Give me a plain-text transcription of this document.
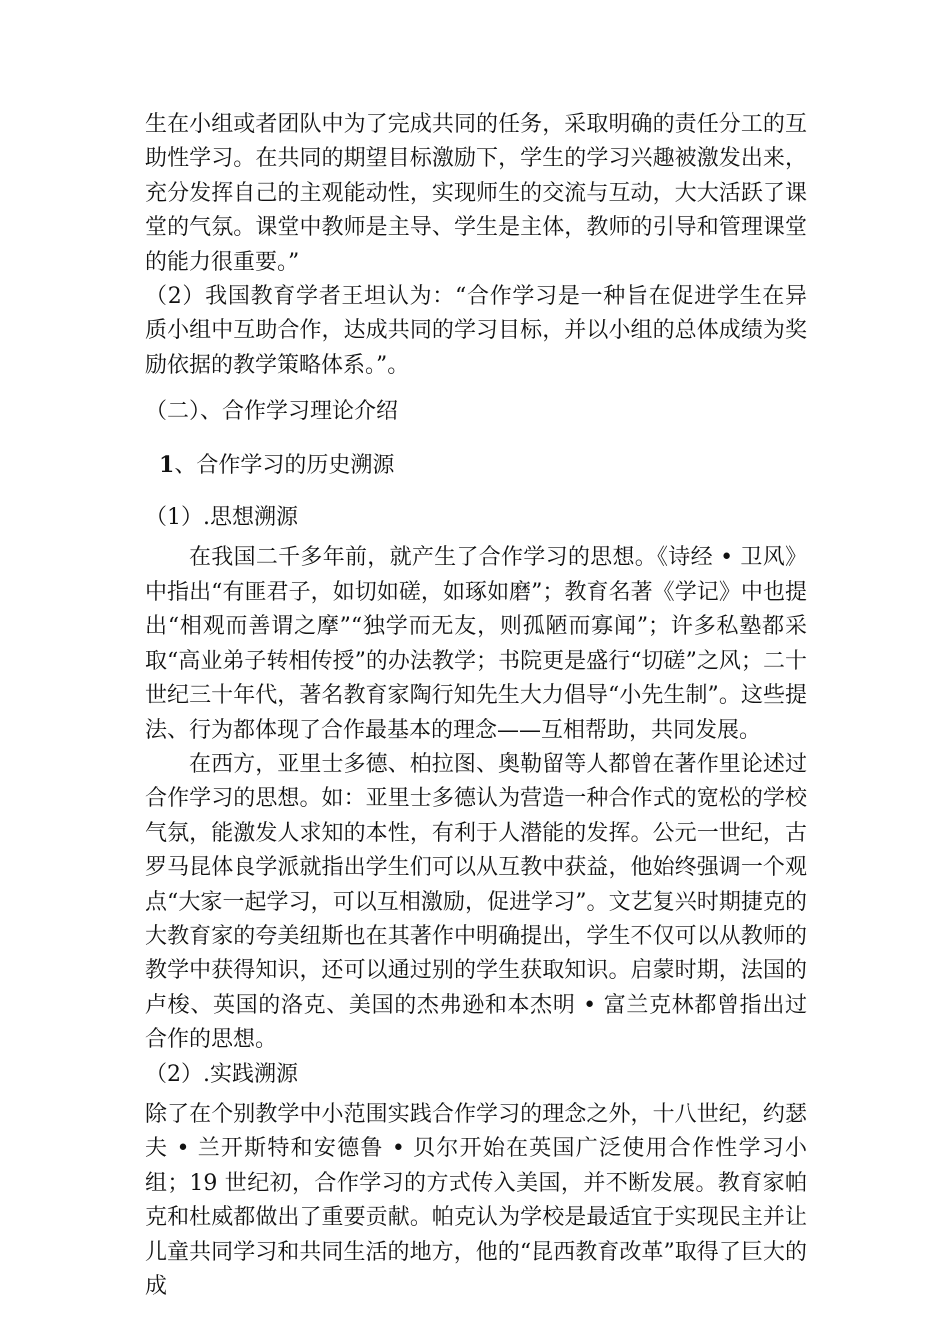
生在小组或者团队中为了完成共同的任务，采取明确的责任分工的互助性学习。在共同的期望目标激励下，学生的学习兴趣被激发出来，充分发挥自己的主观能动性，实现师生的交流与互动，大大活跃了课堂的气氛。课堂中教师是主导、学生是主体，教师的引导和管理课堂的能力很重要。”

（2）我国教育学者王坦认为：“合作学习是一种旨在促进学生在异质小组中互助合作，达成共同的学习目标，并以小组的总体成绩为奖励依据的教学策略体系。”。

（二）、合作学习理论介绍

1、合作学习的历史溯源

（1）.思想溯源

在我国二千多年前，就产生了合作学习的思想。《诗经 • 卫风》中指出“有匪君子，如切如磋，如琢如磨”；教育名著《学记》中也提出“相观而善谓之摩”“独学而无友，则孤陋而寡闻”；许多私塾都采取“高业弟子转相传授”的办法教学；书院更是盛行“切磋”之风；二十世纪三十年代，著名教育家陶行知先生大力倡导“小先生制”。这些提法、行为都体现了合作最基本的理念——互相帮助，共同发展。

在西方，亚里士多德、柏拉图、奥勒留等人都曾在著作里论述过合作学习的思想。如：亚里士多德认为营造一种合作式的宽松的学校气氛，能激发人求知的本性，有利于人潜能的发挥。公元一世纪，古罗马昆体良学派就指出学生们可以从互教中获益，他始终强调一个观点“大家一起学习，可以互相激励，促进学习”。文艺复兴时期捷克的大教育家的夸美纽斯也在其著作中明确提出，学生不仅可以从教师的教学中获得知识，还可以通过别的学生获取知识。启蒙时期，法国的卢梭、英国的洛克、美国的杰弗逊和本杰明 • 富兰克林都曾指出过合作的思想。

（2）.实践溯源

除了在个别教学中小范围实践合作学习的理念之外，十八世纪，约瑟夫 • 兰开斯特和安德鲁 • 贝尔开始在英国广泛使用合作性学习小组；19 世纪初，合作学习的方式传入美国，并不断发展。教育家帕克和杜威都做出了重要贡献。帕克认为学校是最适宜于实现民主并让儿童共同学习和共同生活的地方，他的“昆西教育改革”取得了巨大的成
